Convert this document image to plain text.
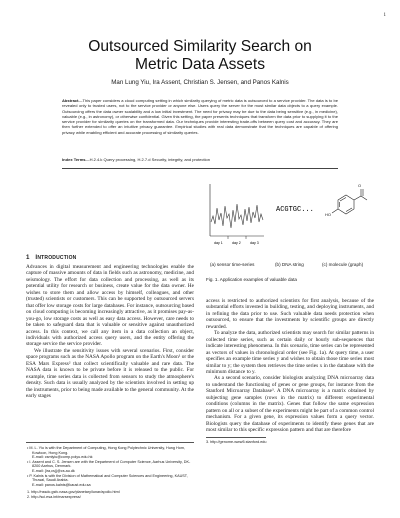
1
Outsourced Similarity Search on
Metric Data Assets
Man Lung Yiu, Ira Assent, Christian S. Jensen, and Panos Kalnis
Abstract—This paper considers a cloud computing setting in which similarity querying of metric data is outsourced to a service provider. The data is to be revealed only to trusted users, not to the service provider or anyone else. Users query the server for the most similar data objects to a query example. Outsourcing offers the data owner scalability and a low initial investment. The need for privacy may be due to the data being sensitive (e.g., in medicine), valuable (e.g., in astronomy), or otherwise confidential. Given this setting, the paper presents techniques that transform the data prior to supplying it to the service provider for similarity queries on the transformed data. Our techniques provide interesting trade-offs between query cost and accuracy. They are then further extended to offer an intuitive privacy guarantee. Empirical studies with real data demonstrate that the techniques are capable of offering privacy while enabling efficient and accurate processing of similarity queries.
Index Terms—H.2.4.k Query processing, H.2.7.d Security, integrity, and protection
day 1	day 2	day 3
ACGTGC...
O
HO
(a) sensor time-series	(b) DNA string	(c) molecule (graph)
Fig. 1. Application examples of valuable data
1 INTRODUCTION

Advances in digital measurement and engineering technologies enable the capture of massive amounts of data in fields such as astronomy, medicine, and seismology. The effort for data collection and processing, as well as its potential utility for research or business, create value for the data owner. He wishes to store them and allow access by himself, colleagues, and other (trusted) scientists or customers. This can be supported by outsourced servers that offer low storage costs for large databases. For instance, outsourcing based on cloud computing is becoming increasingly attractive, as it promises pay-as-you-go, low storage costs as well as easy data access. However, care needs to be taken to safeguard data that is valuable or sensitive against unauthorized access. In this context, we call any item in a data collection an object, individuals with authorized access query users, and the entity offering the storage service the service provider.

We illustrate the sensitivity issues with several scenarios. First, consider space programs such as the NASA Apollo program on the Earth's Moon¹ or the ESA Mars Express² that collect scientifically valuable and rare data. The NASA data is known to be private before it is released to the public. For example, time series data is collected from sensors to study the atmosphere's density. Such data is usually analyzed by the scientists involved in setting up the instruments, prior to being made available to the general community. At the early stages

• M. L. Yiu is with the Department of Computing, Hong Kong Polytechnic University, Hung Hom, Kowloon, Hong Kong.
E-mail: csmlyiu@comp.polyu.edu.hk
• I. Assent and C. S. Jensen are with the Department of Computer Science, Aarhus University, DK-8200 Aarhus, Denmark.
E-mail: {ira,csj}@cs.au.dk
• P. Kalnis is with the Division of Mathematical and Computer Sciences and Engineering, KAUST, Thuwal, Saudi Arabia.
E-mail: panos.kalnis@kaust.edu.sa
1. http://nssdc.gsfc.nasa.gov/planetary/lunar/apollo.html
2. http://sci.esa.int/marsexpress/

access is restricted to authorized scientists for first analysis, because of the substantial efforts invested in building, testing, and deploying instruments, and in refining the data prior to use. Such valuable data needs protection when outsourced, to ensure that the investments by scientific groups are directly rewarded.

To analyze the data, authorized scientists may search for similar patterns in collected time series, such as certain daily or hourly sub-sequences that indicate interesting phenomena. In this scenario, time series can be represented as vectors of values in chronological order (see Fig. 1a). At query time, a user specifies an example time series y and wishes to obtain those time series most similar to y; the system then retrieves the time series x in the database with the minimum distance to y.

As a second scenario, consider biologists analyzing DNA microarray data to understand the functioning of genes or gene groups, for instance from the Stanford Microarray Database³. A DNA microarray is a matrix obtained by subjecting gene samples (rows in the matrix) to different experimental conditions (columns in the matrix). Genes that follow the same expression pattern on all or a subset of the experiments might be part of a common control mechanism. For a given gene, its expression values form a query vector. Biologists query the database of experiments to identify these genes that are most similar to this specific expression pattern and that are therefore

3. http://genome-www5.stanford.edu
